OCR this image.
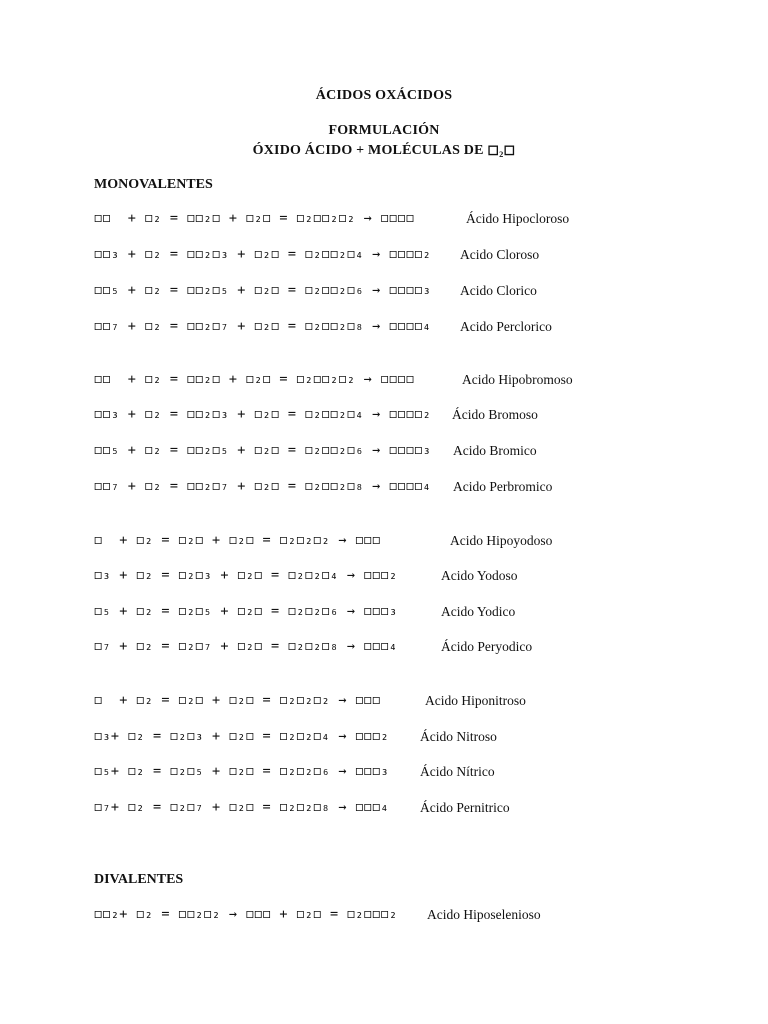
ÁCIDOS OXÁCIDOS
FORMULACIÓN
ÓXIDO ÁCIDO + MOLÉCULAS DE ◻₂◻
MONOVALENTES
◻◻  + ◻₂ = ◻◻₂◻ + ◻₂◻ = ◻₂◻◻₂◻₂ → ◻◻◻◻	Ácido Hipocloroso
◻◻₃ + ◻₂ = ◻◻₂◻₃ + ◻₂◻ = ◻₂◻◻₂◻₄ → ◻◻◻◻₂ Acido Cloroso
◻◻₅ + ◻₂ = ◻◻₂◻₅ + ◻₂◻ = ◻₂◻◻₂◻₆ → ◻◻◻◻₃ Acido Clorico
◻◻₇ + ◻₂ = ◻◻₂◻₇ + ◻₂◻ = ◻₂◻◻₂◻₈ → ◻◻◻◻₄ Acido Perclorico
◻◻  + ◻₂ = ◻◻₂◻ + ◻₂◻ = ◻₂◻◻₂◻₂ → ◻◻◻◻	Acido Hipobromoso
◻◻₃ + ◻₂ = ◻◻₂◻₃ + ◻₂◻ = ◻₂◻◻₂◻₄ → ◻◻◻◻₂ Ácido Bromoso
◻◻₅ + ◻₂ = ◻◻₂◻₅ + ◻₂◻ = ◻₂◻◻₂◻₆ → ◻◻◻◻₃ Acido Bromico
◻◻₇ + ◻₂ = ◻◻₂◻₇ + ◻₂◻ = ◻₂◻◻₂◻₈ → ◻◻◻◻₄ Acido Perbromico
◻  + ◻₂ = ◻₂◻ + ◻₂◻ = ◻₂◻₂◻₂ → ◻◻◻	Acido Hipoyodoso
◻₃ + ◻₂ = ◻₂◻₃ + ◻₂◻ = ◻₂◻₂◻₄ → ◻◻◻₂	Acido Yodoso
◻₅ + ◻₂ = ◻₂◻₅ + ◻₂◻ = ◻₂◻₂◻₆ → ◻◻◻₃	Acido Yodico
◻₇ + ◻₂ = ◻₂◻₇ + ◻₂◻ = ◻₂◻₂◻₈ → ◻◻◻₄	Ácido Peryodico
◻  + ◻₂ = ◻₂◻ + ◻₂◻ = ◻₂◻₂◻₂ → ◻◻◻	Acido Hiponitroso
◻₃+ ◻₂ = ◻₂◻₃ + ◻₂◻ = ◻₂◻₂◻₄ → ◻◻◻₂ Ácido Nitroso
◻₅+ ◻₂ = ◻₂◻₅ + ◻₂◻ = ◻₂◻₂◻₆ → ◻◻◻₃ Ácido Nítrico
◻₇+ ◻₂ = ◻₂◻₇ + ◻₂◻ = ◻₂◻₂◻₈ → ◻◻◻₄ Ácido Pernitrico
DIVALENTES
◻◻₂+ ◻₂ = ◻◻₂◻₂ → ◻◻◻ + ◻₂◻ = ◻₂◻◻◻₂ Acido Hiposelenioso
